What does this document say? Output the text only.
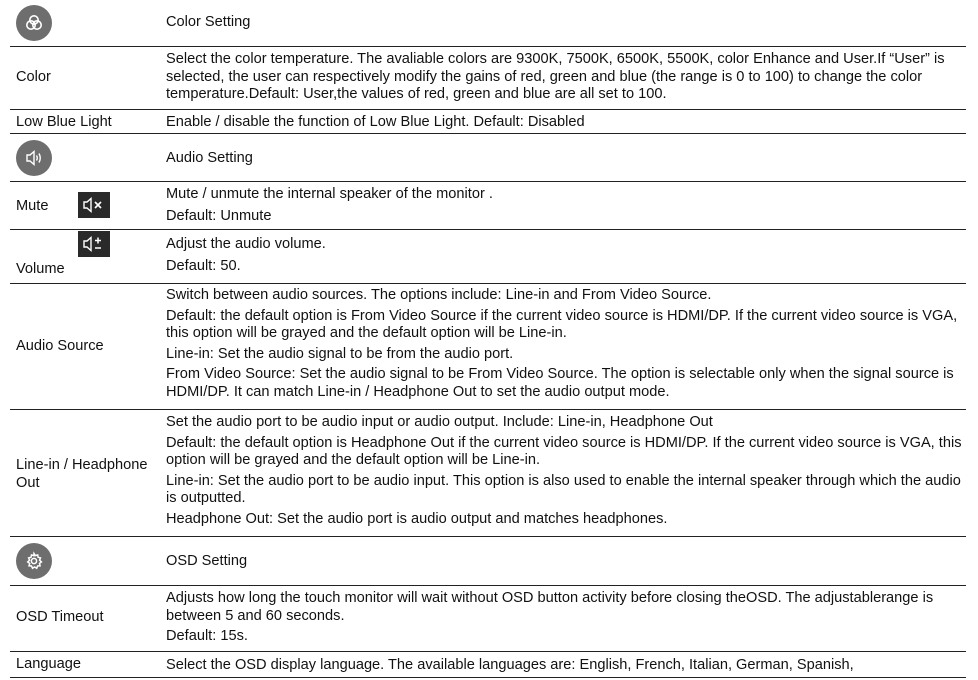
Color Setting
Color
Select the color temperature. The avaliable colors are 9300K, 7500K, 6500K, 5500K, color Enhance and User.If “User” is selected, the user can respectively modify the gains of red, green and blue (the range is 0 to 100) to change the color temperature.Default: User,the values of red, green and blue are all set to 100.
Low Blue Light	Enable / disable the function of Low Blue Light. Default: Disabled
Audio Setting
Mute

Mute / unmute the internal speaker of the monitor .

Default: Unmute

Volume

Adjust the audio volume.

Default: 50.

Audio Source

Switch between audio sources. The options include: Line-in and From Video Source.

Default: the default option is From Video Source if the current video source is HDMI/DP. If the current video source is VGA, this option will be grayed and the default option will be Line-in.

Line-in: Set the audio signal to be from the audio port.

From Video Source: Set the audio signal to be From Video Source. The option is selectable only when the signal source is HDMI/DP. It can match Line-in / Headphone Out to set the audio output mode.

Line-in / Headphone Out

Set the audio port to be audio input or audio output. Include: Line-in, Headphone Out

Default: the default option is Headphone Out if the current video source is HDMI/DP. If the current video source is VGA, this option will be grayed and the default option will be Line-in.

Line-in: Set the audio port to be audio input. This option is also used to enable the internal speaker through which the audio is outputted.

Headphone Out: Set the audio port is audio output and matches headphones.

OSD Setting
OSD Timeout

Adjusts how long the touch monitor will wait without OSD button activity before closing theOSD. The adjustablerange is between 5 and 60 seconds.

Default: 15s.

Language	Select the OSD display language. The available languages are: English, French, Italian, German, Spanish,
